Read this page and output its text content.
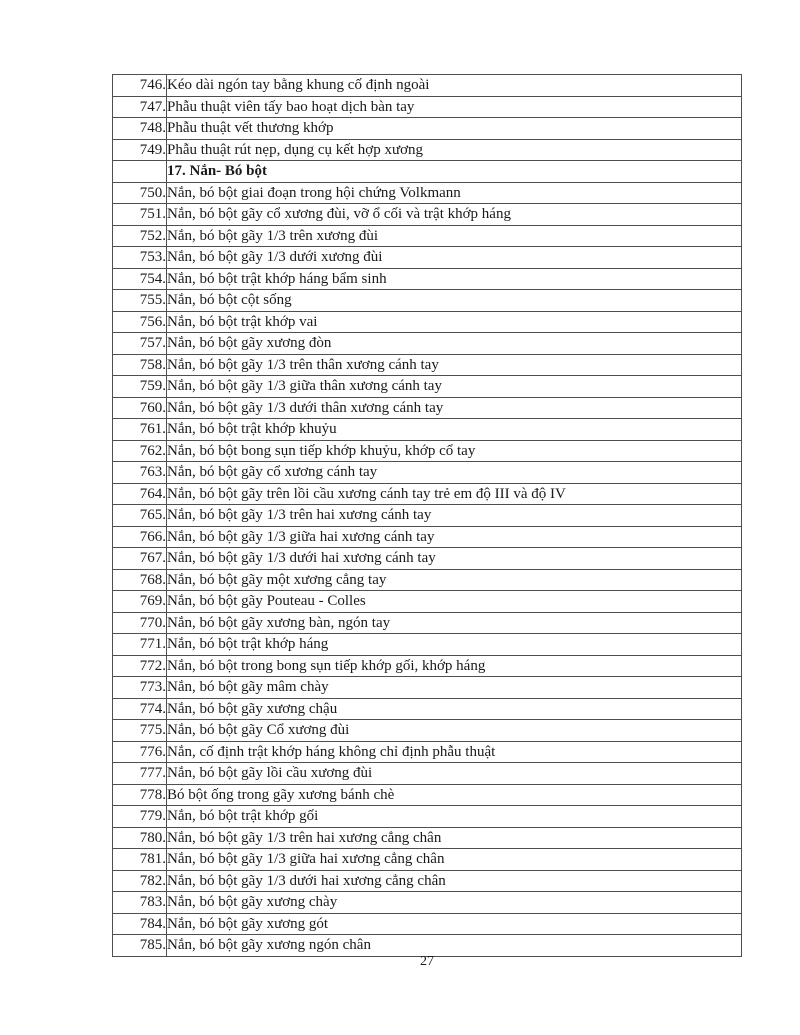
746.	Kéo dài ngón tay bằng khung cố định ngoài
747.	Phẫu thuật viên tấy bao hoạt dịch bàn tay
748.	Phẫu thuật vết thương khớp
749.	Phẫu thuật rút nẹp, dụng cụ kết hợp xương
	17. Nắn- Bó bột
750.	Nắn, bó bột giai đoạn trong hội chứng Volkmann
751.	Nắn, bó bột gãy cổ xương đùi, vỡ ổ cối và trật khớp háng
752.	Nắn, bó bột gãy 1/3 trên xương đùi
753.	Nắn, bó bột gãy 1/3 dưới xương đùi
754.	Nắn, bó bột trật khớp háng bẩm sinh
755.	Nắn, bó bột cột sống
756.	Nắn, bó bột trật khớp vai
757.	Nắn, bó bột gãy xương đòn
758.	Nắn, bó bột gãy 1/3 trên thân xương cánh tay
759.	Nắn, bó bột gãy 1/3 giữa thân xương cánh tay
760.	Nắn, bó bột gãy 1/3 dưới thân xương cánh tay
761.	Nắn, bó bột trật khớp khuỷu
762.	Nắn, bó bột bong sụn tiếp khớp khuỷu, khớp cổ tay
763.	Nắn, bó bột gãy cổ xương cánh tay
764.	Nắn, bó bột gãy trên lồi cầu xương cánh tay trẻ em độ III và độ IV
765.	Nắn, bó bột gãy 1/3 trên hai xương cánh tay
766.	Nắn, bó bột gãy 1/3 giữa hai xương cánh tay
767.	Nắn, bó bột gãy 1/3 dưới hai xương cánh tay
768.	Nắn, bó bột gãy một xương cẳng tay
769.	Nắn, bó bột gãy Pouteau - Colles
770.	Nắn, bó bột gãy xương bàn, ngón tay
771.	Nắn, bó bột trật khớp háng
772.	Nắn, bó bột trong bong sụn tiếp khớp gối, khớp háng
773.	Nắn, bó bột gãy mâm chày
774.	Nắn, bó bột gãy xương chậu
775.	Nắn, bó bột gãy Cổ xương đùi
776.	Nắn, cố định trật khớp háng không chỉ định phẫu thuật
777.	Nắn, bó bột gãy lồi cầu xương đùi
778.	Bó bột ống trong gãy xương bánh chè
779.	Nắn, bó bột trật khớp gối
780.	Nắn, bó bột gãy 1/3 trên hai xương cẳng chân
781.	Nắn, bó bột gãy 1/3 giữa hai xương cẳng chân
782.	Nắn, bó bột gãy 1/3 dưới hai xương cẳng chân
783.	Nắn, bó bột gãy xương chày
784.	Nắn, bó bột gãy xương gót
785.	Nắn, bó bột gãy xương ngón chân
27
